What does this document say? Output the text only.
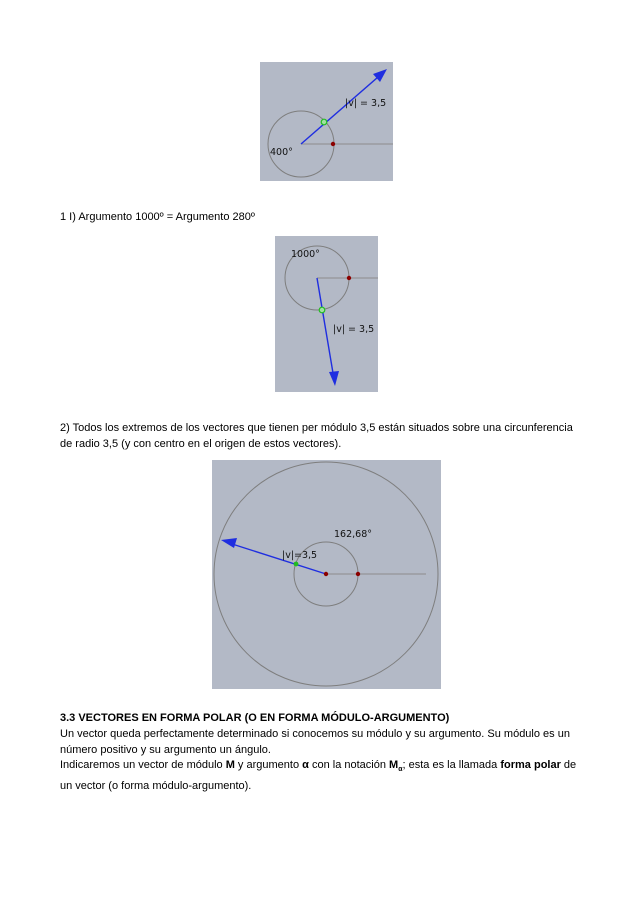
|v| = 3,5
400°

1 I) Argumento 1000º = Argumento 280º

1000°
|v| = 3,5

2) Todos los extremos de los vectores que tienen per módulo 3,5 están situados sobre una circunferencia de radio 3,5 (y con centro en el origen de estos vectores).

|v|=3,5
162,68°

3.3 VECTORES EN FORMA POLAR (O EN FORMA MÓDULO-ARGUMENTO)

Un vector queda perfectamente determinado si conocemos su módulo y su argumento. Su módulo es un número positivo y su argumento un ángulo.

Indicaremos un vector de módulo M y argumento α con la notación $M_\alpha$; esta es la llamada forma polar de un vector (o forma módulo-argumento).
